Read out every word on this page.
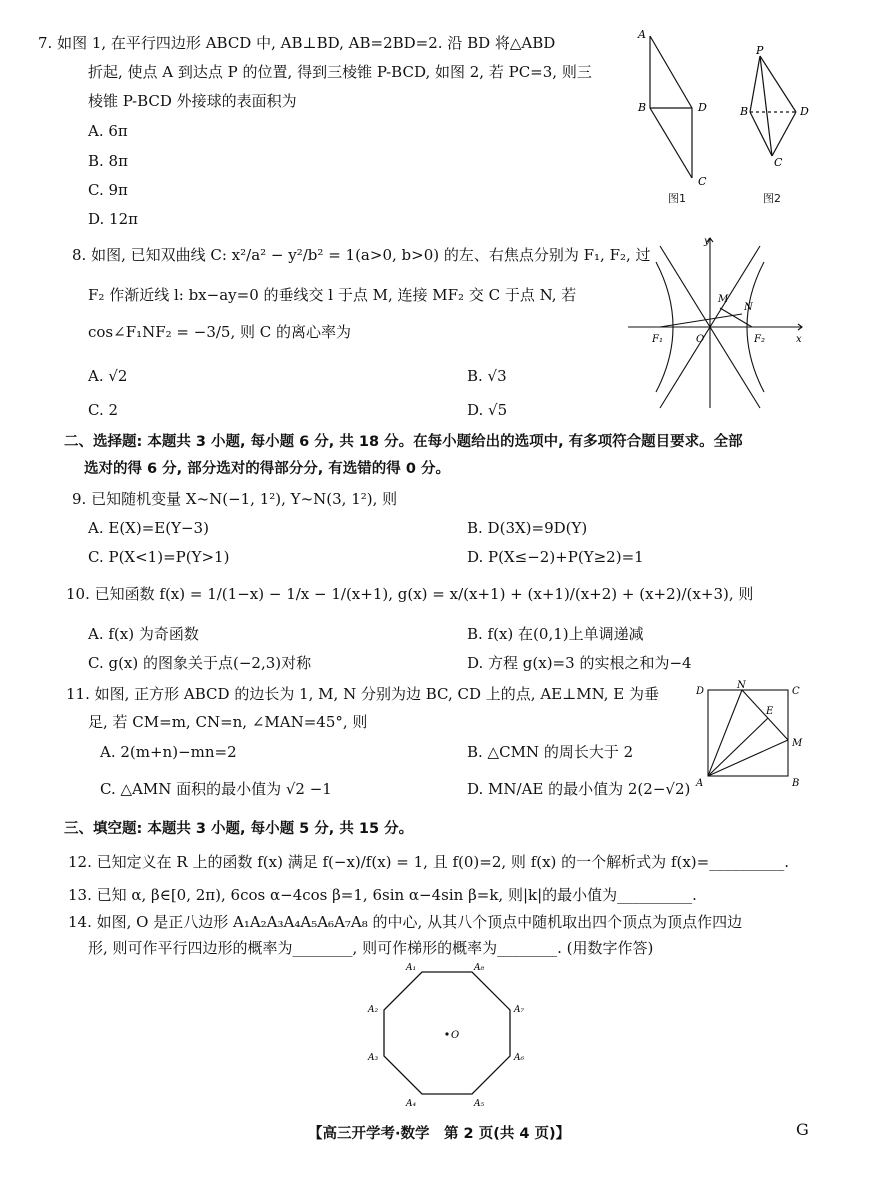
7. 如图 1, 在平行四边形 ABCD 中, AB⊥BD, AB=2BD=2. 沿 BD 将△ABD
折起, 使点 A 到达点 P 的位置, 得到三棱锥 P-BCD, 如图 2, 若 PC=3, 则三
棱锥 P-BCD 外接球的表面积为
A. 6π
B. 8π
C. 9π
D. 12π
A
B	D
C
P
B	D
C
图1	图2
8. 如图, 已知双曲线 C: x²/a² − y²/b² = 1(a>0, b>0) 的左、右焦点分别为 F₁, F₂, 过
F₂ 作渐近线 l: bx−ay=0 的垂线交 l 于点 M, 连接 MF₂ 交 C 于点 N, 若
cos∠F₁NF₂ = −3/5, 则 C 的离心率为
A. √2	B. √3
C. 2	D. √5
y
M
N
F₁	O	F₂	x
二、选择题: 本题共 3 小题, 每小题 6 分, 共 18 分。在每小题给出的选项中, 有多项符合题目要求。全部
选对的得 6 分, 部分选对的得部分分, 有选错的得 0 分。
9. 已知随机变量 X~N(−1, 1²), Y~N(3, 1²), 则
A. E(X)=E(Y−3)	B. D(3X)=9D(Y)
C. P(X<1)=P(Y>1)	D. P(X≤−2)+P(Y≥2)=1
10. 已知函数 f(x) = 1/(1−x) − 1/x − 1/(x+1), g(x) = x/(x+1) + (x+1)/(x+2) + (x+2)/(x+3), 则
A. f(x) 为奇函数	B. f(x) 在(0,1)上单调递减
C. g(x) 的图象关于点(−2,3)对称	D. 方程 g(x)=3 的实根之和为−4
11. 如图, 正方形 ABCD 的边长为 1, M, N 分别为边 BC, CD 上的点, AE⊥MN, E 为垂
足, 若 CM=m, CN=n, ∠MAN=45°, 则
A. 2(m+n)−mn=2	B. △CMN 的周长大于 2
C. △AMN 面积的最小值为 √2 −1	D. MN/AE 的最小值为 2(2−√2)
D
N
C
E
M
A	B
三、填空题: 本题共 3 小题, 每小题 5 分, 共 15 分。
12. 已知定义在 R 上的函数 f(x) 满足 f(−x)/f(x) = 1, 且 f(0)=2, 则 f(x) 的一个解析式为 f(x)=__________.
13. 已知 α, β∈[0, 2π), 6cos α−4cos β=1, 6sin α−4sin β=k, 则|k|的最小值为__________.
14. 如图, O 是正八边形 A₁A₂A₃A₄A₅A₆A₇A₈ 的中心, 从其八个顶点中随机取出四个顶点为顶点作四边
形, 则可作平行四边形的概率为________, 则可作梯形的概率为________. (用数字作答)
A₁	A₈
A₂	A₇
O
A₃	A₆
A₄	A₅
【高三开学考·数学　第 2 页(共 4 页)】	G
